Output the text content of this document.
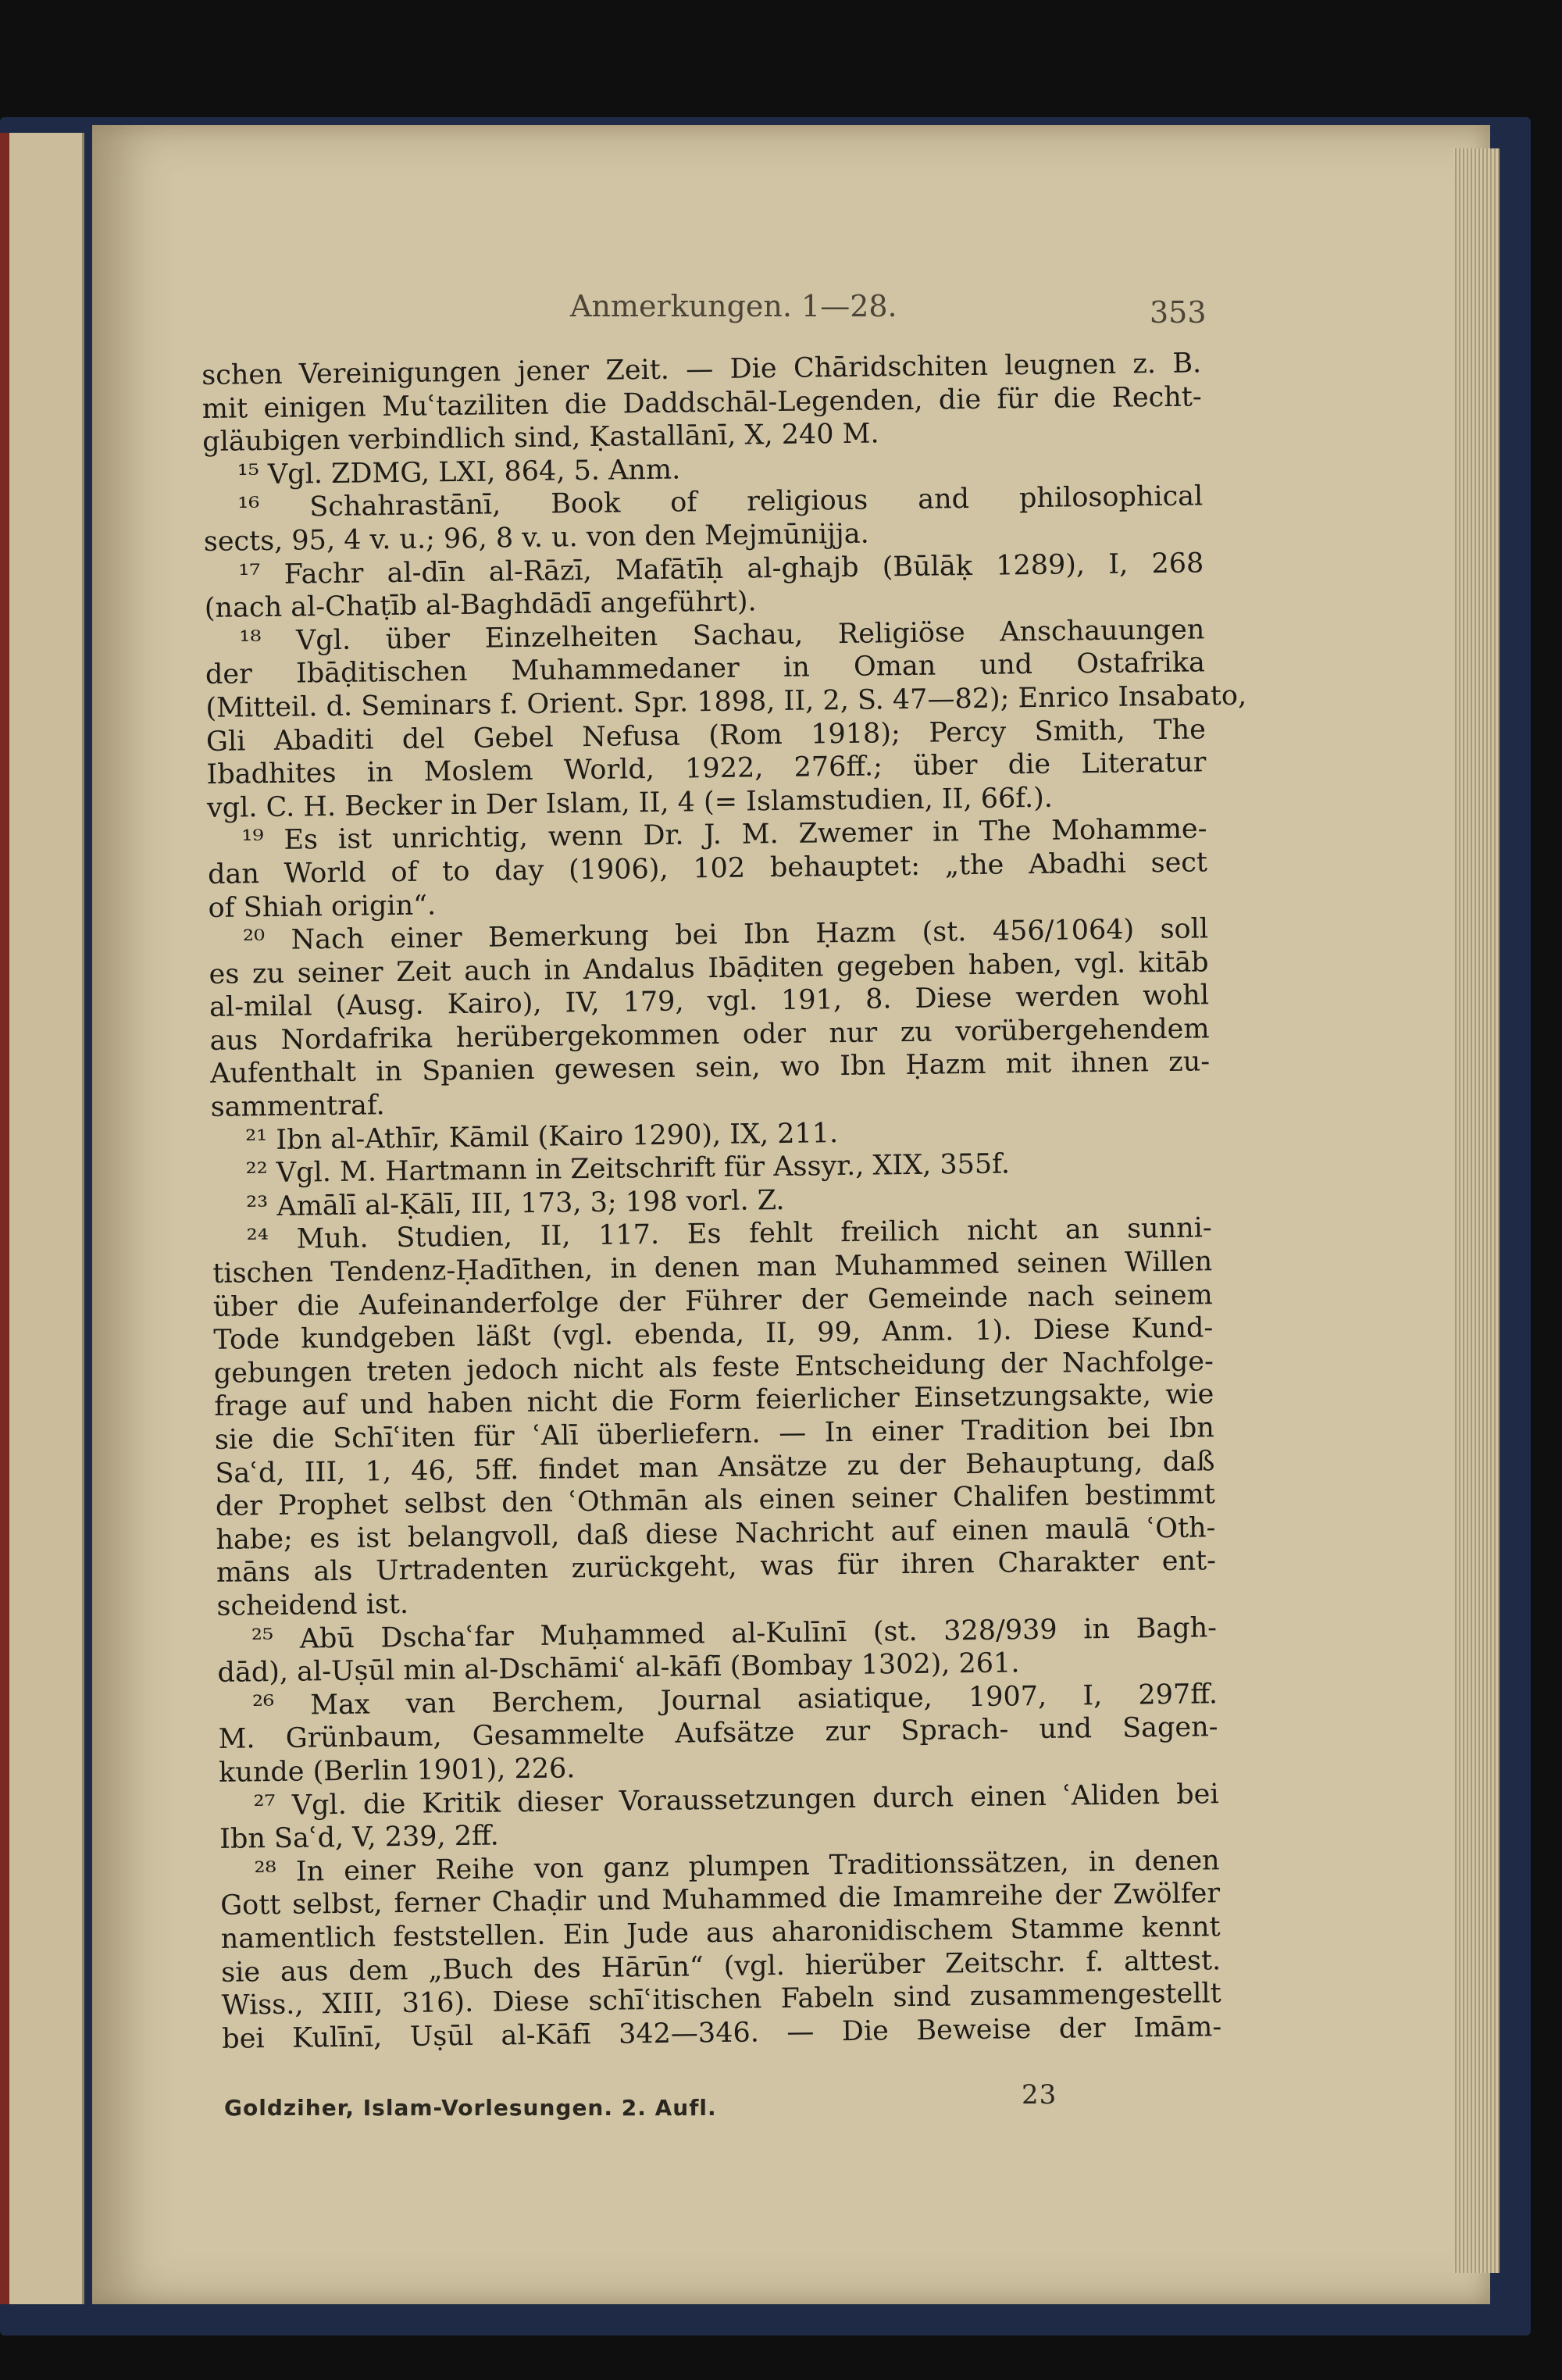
Anmerkungen. 1—28.	353
schen Vereinigungen jener Zeit. — Die Chāridschiten leugnen z. B.
mit einigen Muʿtaziliten die Daddschāl-Legenden, die für die Recht-
gläubigen verbindlich sind, Ḳastallānī, X, 240 M.
¹⁵ Vgl. ZDMG, LXI, 864, 5. Anm.
¹⁶ Schahrastānī, Book of religious and philosophical
sects, 95, 4 v. u.; 96, 8 v. u. von den Mejmūnijja.
¹⁷ Fachr al-dīn al-Rāzī, Mafātīḥ al-ghajb (Būlāḳ 1289), I, 268
(nach al-Chaṭīb al-Baghdādī angeführt).
¹⁸ Vgl. über Einzelheiten Sachau, Religiöse Anschauungen
der Ibāḍitischen Muhammedaner in Oman und Ostafrika
(Mitteil. d. Seminars f. Orient. Spr. 1898, II, 2, S. 47—82); Enrico Insabato,
Gli Abaditi del Gebel Nefusa (Rom 1918); Percy Smith, The
Ibadhites in Moslem World, 1922, 276ff.; über die Literatur
vgl. C. H. Becker in Der Islam, II, 4 (= Islamstudien, II, 66f.).
¹⁹ Es ist unrichtig, wenn Dr. J. M. Zwemer in The Mohamme-
dan World of to day (1906), 102 behauptet: „the Abadhi sect
of Shiah origin“.
²⁰ Nach einer Bemerkung bei Ibn Ḥazm (st. 456/1064) soll
es zu seiner Zeit auch in Andalus Ibāḍiten gegeben haben, vgl. kitāb
al-milal (Ausg. Kairo), IV, 179, vgl. 191, 8. Diese werden wohl
aus Nordafrika herübergekommen oder nur zu vorübergehendem
Aufenthalt in Spanien gewesen sein, wo Ibn Ḥazm mit ihnen zu-
sammentraf.
²¹ Ibn al-Athīr, Kāmil (Kairo 1290), IX, 211.
²² Vgl. M. Hartmann in Zeitschrift für Assyr., XIX, 355f.
²³ Amālī al-Ḳālī, III, 173, 3; 198 vorl. Z.
²⁴ Muh. Studien, II, 117. Es fehlt freilich nicht an sunni-
tischen Tendenz-Ḥadīthen, in denen man Muhammed seinen Willen
über die Aufeinanderfolge der Führer der Gemeinde nach seinem
Tode kundgeben läßt (vgl. ebenda, II, 99, Anm. 1). Diese Kund-
gebungen treten jedoch nicht als feste Entscheidung der Nachfolge-
frage auf und haben nicht die Form feierlicher Einsetzungsakte, wie
sie die Schīʿiten für ʿAlī überliefern. — In einer Tradition bei Ibn
Saʿd, III, 1, 46, 5ff. findet man Ansätze zu der Behauptung, daß
der Prophet selbst den ʿOthmān als einen seiner Chalifen bestimmt
habe; es ist belangvoll, daß diese Nachricht auf einen maulā ʿOth-
māns als Urtradenten zurückgeht, was für ihren Charakter ent-
scheidend ist.
²⁵ Abū Dschaʿfar Muḥammed al-Kulīnī (st. 328/939 in Bagh-
dād), al-Uṣūl min al-Dschāmiʿ al-kāfī (Bombay 1302), 261.
²⁶ Max van Berchem, Journal asiatique, 1907, I, 297ff.
M. Grünbaum, Gesammelte Aufsätze zur Sprach- und Sagen-
kunde (Berlin 1901), 226.
²⁷ Vgl. die Kritik dieser Voraussetzungen durch einen ʿAliden bei
Ibn Saʿd, V, 239, 2ff.
²⁸ In einer Reihe von ganz plumpen Traditionssätzen, in denen
Gott selbst, ferner Chaḍir und Muhammed die Imamreihe der Zwölfer
namentlich feststellen. Ein Jude aus aharonidischem Stamme kennt
sie aus dem „Buch des Hārūn“ (vgl. hierüber Zeitschr. f. alttest.
Wiss., XIII, 316). Diese schīʿitischen Fabeln sind zusammengestellt
bei Kulīnī, Uṣūl al-Kāfī 342—346. — Die Beweise der Imām-
Goldziher, Islam-Vorlesungen. 2. Aufl.	23
